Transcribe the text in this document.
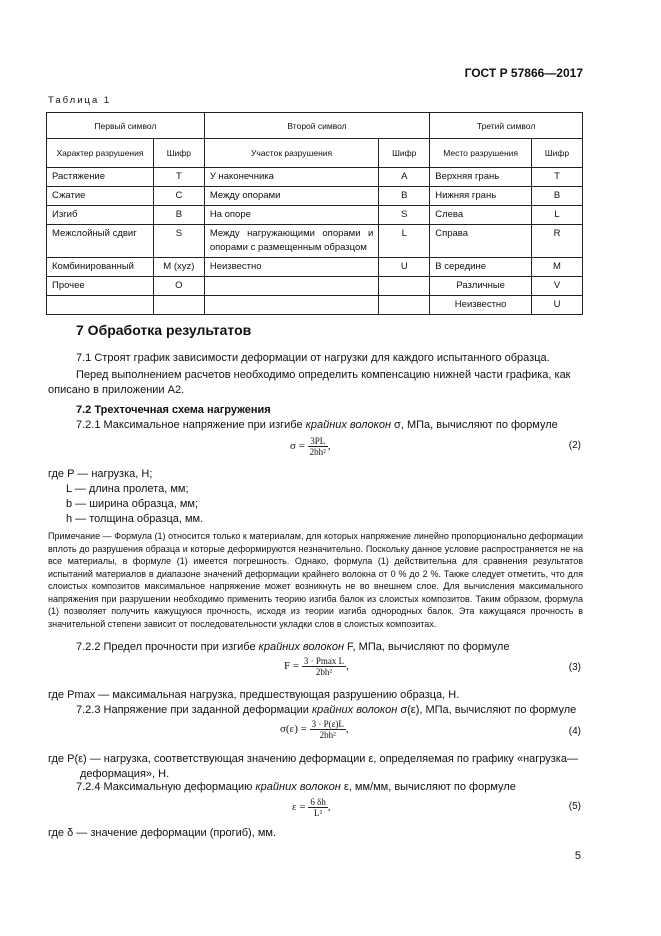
ГОСТ Р 57866—2017
Таблица 1
Первый символ		Второй символ		Третий символ	
Характер разрушения	Шифр	Участок разрушения	Шифр	Место разрушения	Шифр
Растяжение	T	У наконечника	A	Верхняя грань	T
Сжатие	C	Между опорами	B	Нижняя грань	B
Изгиб	B	На опоре	S	Слева	L
Межслойный сдвиг	S	Между нагружающими опорами и опорами с размещенным образцом	L	Справа	R
Комбинированный	M (xyz)	Неизвестно	U	В середине	M
Прочее	O			Различные	V
				Неизвестно	U
7 Обработка результатов
7.1 Строят график зависимости деформации от нагрузки для каждого испытанного образца.
Перед выполнением расчетов необходимо определить компенсацию нижней части графика, как
описано в приложении А2.
7.2 Трехточечная схема нагружения
7.2.1 Максимальное напряжение при изгибе крайних волокон σ, МПа, вычисляют по формуле
$\sigma = \frac{3PL}{\text{2bh²}}$ ,	(2)
где P — нагрузка, Н;
L — длина пролета, мм;
b — ширина образца, мм;
h — толщина образца, мм.
Примечание — Формула (1) относится только к материалам, для которых напряжение линейно пропорционально деформации вплоть до разрушения образца и которые деформируются незначительно. Поскольку данное условие распространяется не на все материалы, в формуле (1) имеется погрешность. Однако, формула (1) действительна для сравнения результатов испытаний материалов в диапазоне значений деформации крайнего волокна от 0 % до 2 %. Также следует отметить, что для слоистых композитов максимальное напряжение может возникнуть не во внешнем слое. Для вычисления максимального напряжения при разрушении необходимо применить теорию изгиба балок из слоистых композитов. Таким образом, формула (1) позволяет получить кажущуюся прочность, исходя из теории изгиба однородных балок. Эта кажущаяся прочность в значительной степени зависит от последовательности укладки слов в слоистых композитах.
7.2.2 Предел прочности при изгибе крайних волокон F, МПа, вычисляют по формуле
$F = \frac{\text{3 · Pmax L}}{\text{2bh²}}$ ,	(3)
где Pmax — максимальная нагрузка, предшествующая разрушению образца, Н.
7.2.3 Напряжение при заданной деформации крайних волокон σ(ε), МПа, вычисляют по формуле
$\sigma(\varepsilon) = \frac{3 \cdot P(\varepsilon)L}{\text{2bh²}}$ ,	(4)
где P(ε) — нагрузка, соответствующая значению деформации ε, определяемая по графику «нагрузка—
деформация», Н.
7.2.4 Максимальную деформацию крайних волокон ε, мм/мм, вычисляют по формуле
$\varepsilon = \frac{6 \delta h}{\text{L²}}$ ,	(5)
где δ — значение деформации (прогиб), мм.
5
